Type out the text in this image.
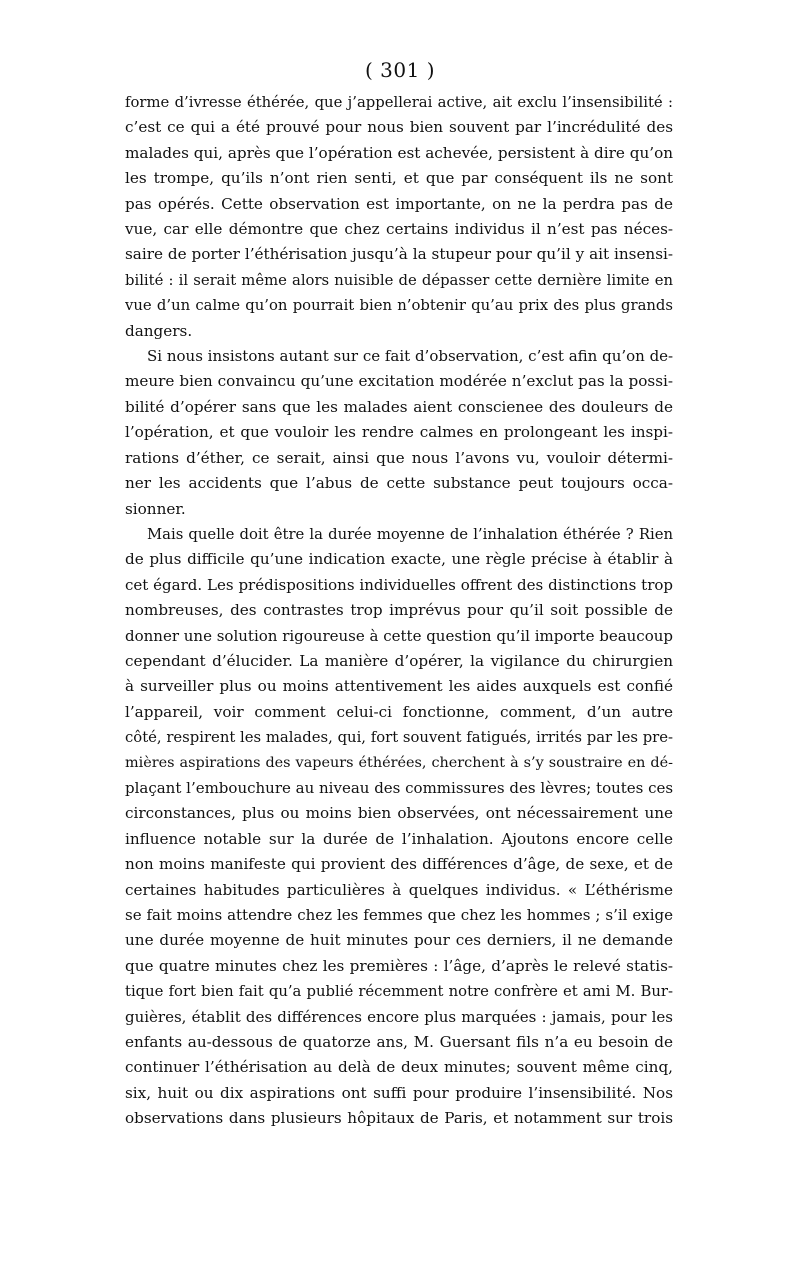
( 301 )
forme d’ivresse éthérée, que j’appellerai active, ait exclu l’insensibilité :
c’est ce qui a été prouvé pour nous bien souvent par l’incrédulité des
malades qui, après que l’opération est achevée, persistent à dire qu’on
les trompe, qu’ils n’ont rien senti, et que par conséquent ils ne sont
pas opérés. Cette observation est importante, on ne la perdra pas de
vue, car elle démontre que chez certains individus il n’est pas néces-
saire de porter l’éthérisation jusqu’à la stupeur pour qu’il y ait insensi-
bilité : il serait même alors nuisible de dépasser cette dernière limite en
vue d’un calme qu’on pourrait bien n’obtenir qu’au prix des plus grands
dangers.
Si nous insistons autant sur ce fait d’observation, c’est afin qu’on de-
meure bien convaincu qu’une excitation modérée n’exclut pas la possi-
bilité d’opérer sans que les malades aient conscienee des douleurs de
l’opération, et que vouloir les rendre calmes en prolongeant les inspi-
rations d’éther, ce serait, ainsi que nous l’avons vu, vouloir détermi-
ner les accidents que l’abus de cette substance peut toujours occa-
sionner.
Mais quelle doit être la durée moyenne de l’inhalation éthérée ? Rien
de plus difficile qu’une indication exacte, une règle précise à établir à
cet égard. Les prédispositions individuelles offrent des distinctions trop
nombreuses, des contrastes trop imprévus pour qu’il soit possible de
donner une solution rigoureuse à cette question qu’il importe beaucoup
cependant d’élucider. La manière d’opérer, la vigilance du chirurgien
à surveiller plus ou moins attentivement les aides auxquels est confié
l’appareil, voir comment celui-ci fonctionne, comment, d’un autre
côté, respirent les malades, qui, fort souvent fatigués, irrités par les pre-
mières aspirations des vapeurs éthérées, cherchent à s’y soustraire en dé-
plaçant l’embouchure au niveau des commissures des lèvres; toutes ces
circonstances, plus ou moins bien observées, ont nécessairement une
influence notable sur la durée de l’inhalation. Ajoutons encore celle
non moins manifeste qui provient des différences d’âge, de sexe, et de
certaines habitudes particulières à quelques individus. « L’éthérisme
se fait moins attendre chez les femmes que chez les hommes ; s’il exige
une durée moyenne de huit minutes pour ces derniers, il ne demande
que quatre minutes chez les premières : l’âge, d’après le relevé statis-
tique fort bien fait qu’a publié récemment notre confrère et ami M. Bur-
guières, établit des différences encore plus marquées : jamais, pour les
enfants au-dessous de quatorze ans, M. Guersant fils n’a eu besoin de
continuer l’éthérisation au delà de deux minutes; souvent même cinq,
six, huit ou dix aspirations ont suffi pour produire l’insensibilité. Nos
observations dans plusieurs hôpitaux de Paris, et notamment sur trois
